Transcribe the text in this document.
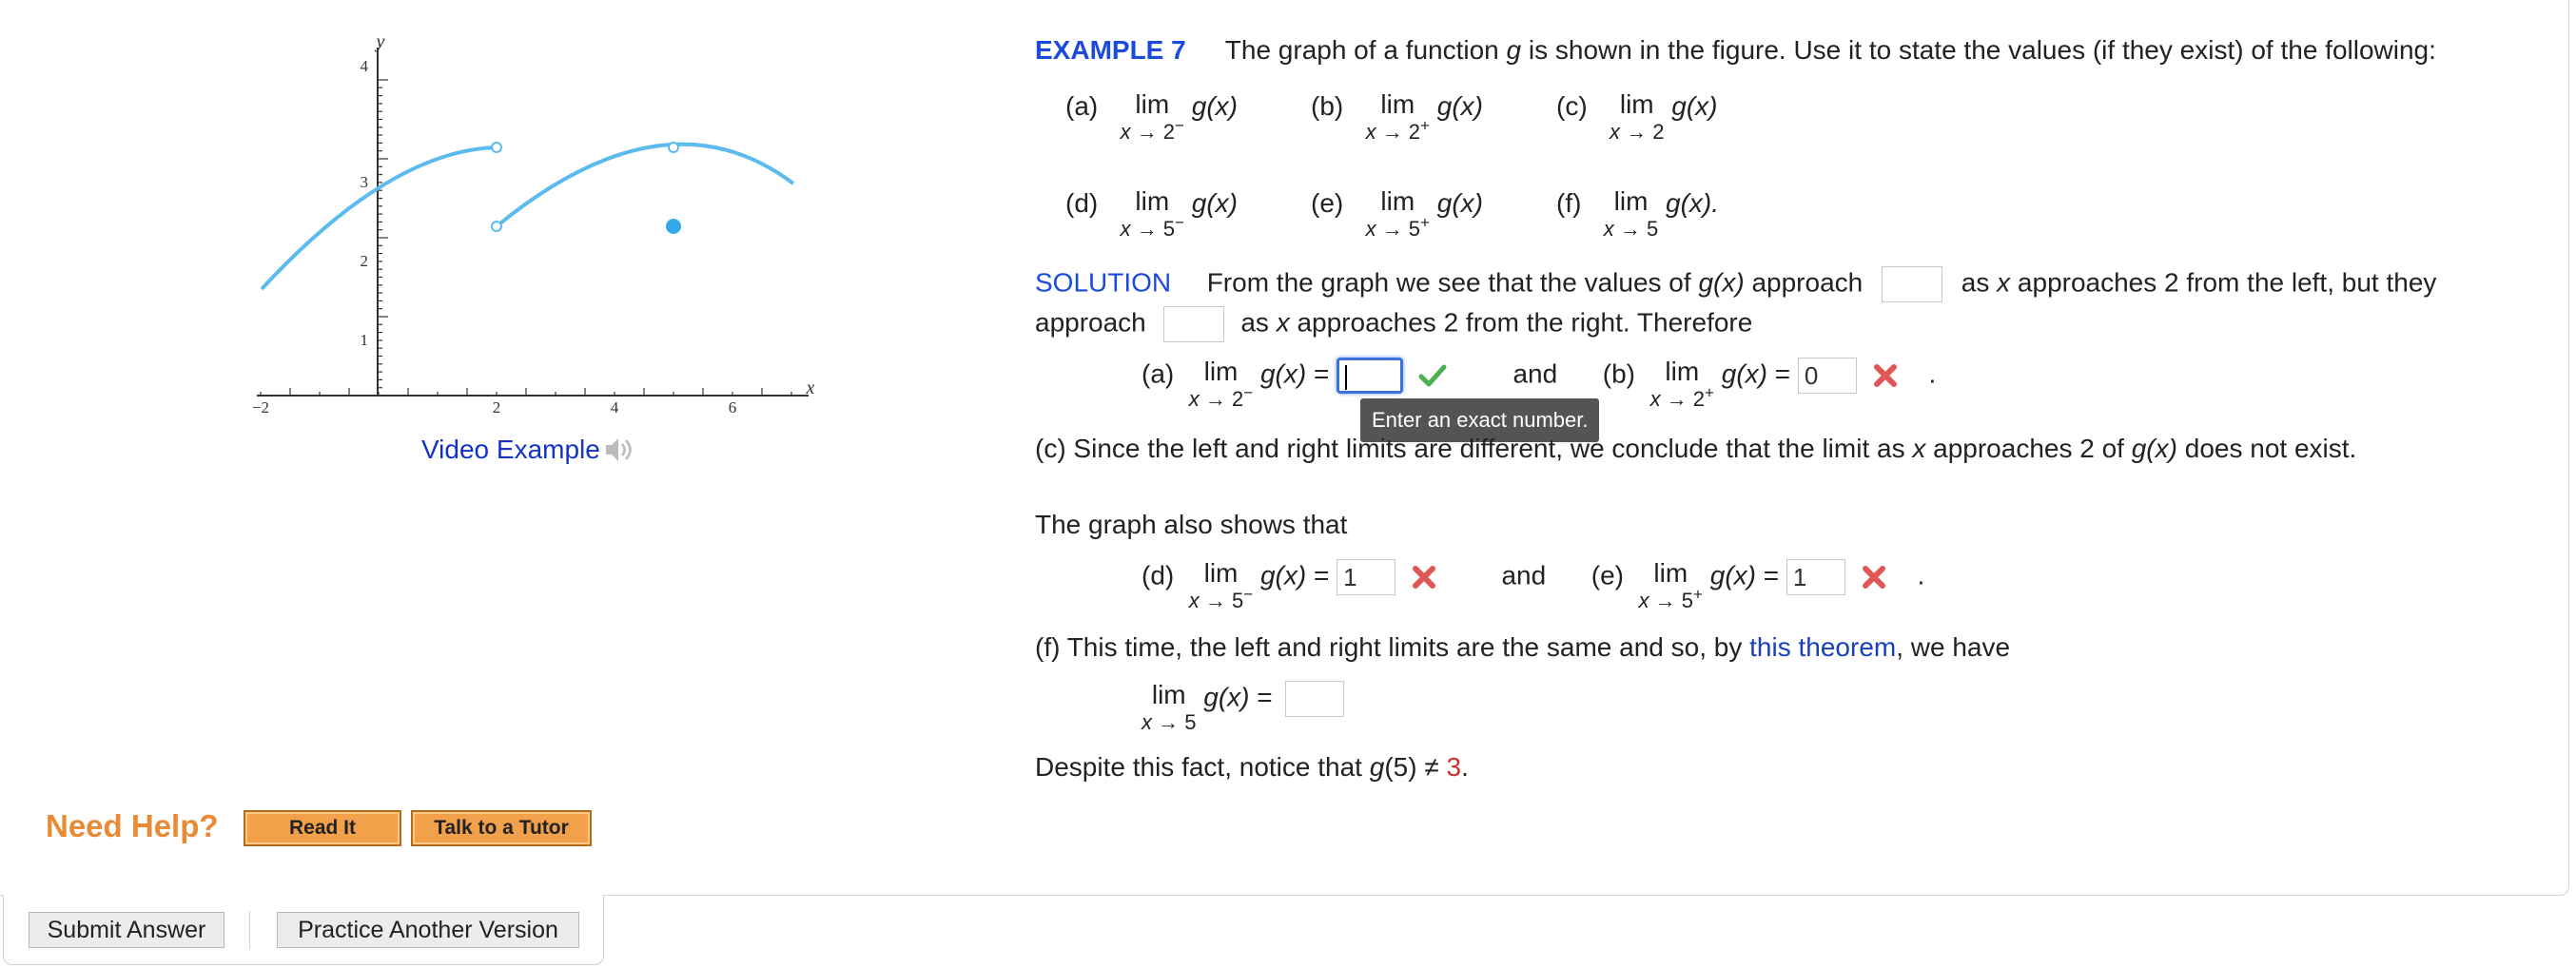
y
x
1
2
3
4
−2	2	4	6
Video Example
EXAMPLE 7 The graph of a function g is shown in the figure. Use it to state the values (if they exist) of the following:
(a)	lim
x → 2−
g(x)	(b)	lim
x → 2+
g(x)	(c)	lim
x → 2
g(x)
(d)	lim
x → 5−
g(x)	(e)	lim
x → 5+
g(x)	(f)	lim
x → 5
g(x).
SOLUTION From the graph we see that the values of g(x) approach	as x approaches 2 from the left, but they
approach	as x approaches 2 from the right. Therefore
(a)	lim
x → 2−
g(x) =	and (b)	lim
x → 2+
g(x) = 0	.
Enter an exact number.
(c) Since the left and right limits are different, we conclude that the limit as x approaches 2 of g(x) does not exist.
The graph also shows that
(d)	lim
x → 5−
g(x) = 1	and (e)	lim
x → 5+
g(x) = 1	.
(f) This time, the left and right limits are the same and so, by this theorem, we have
lim
x → 5
g(x) =
Despite this fact, notice that g(5) ≠ 3.
Need Help?	Read It	Talk to a Tutor
Submit Answer	Practice Another Version
